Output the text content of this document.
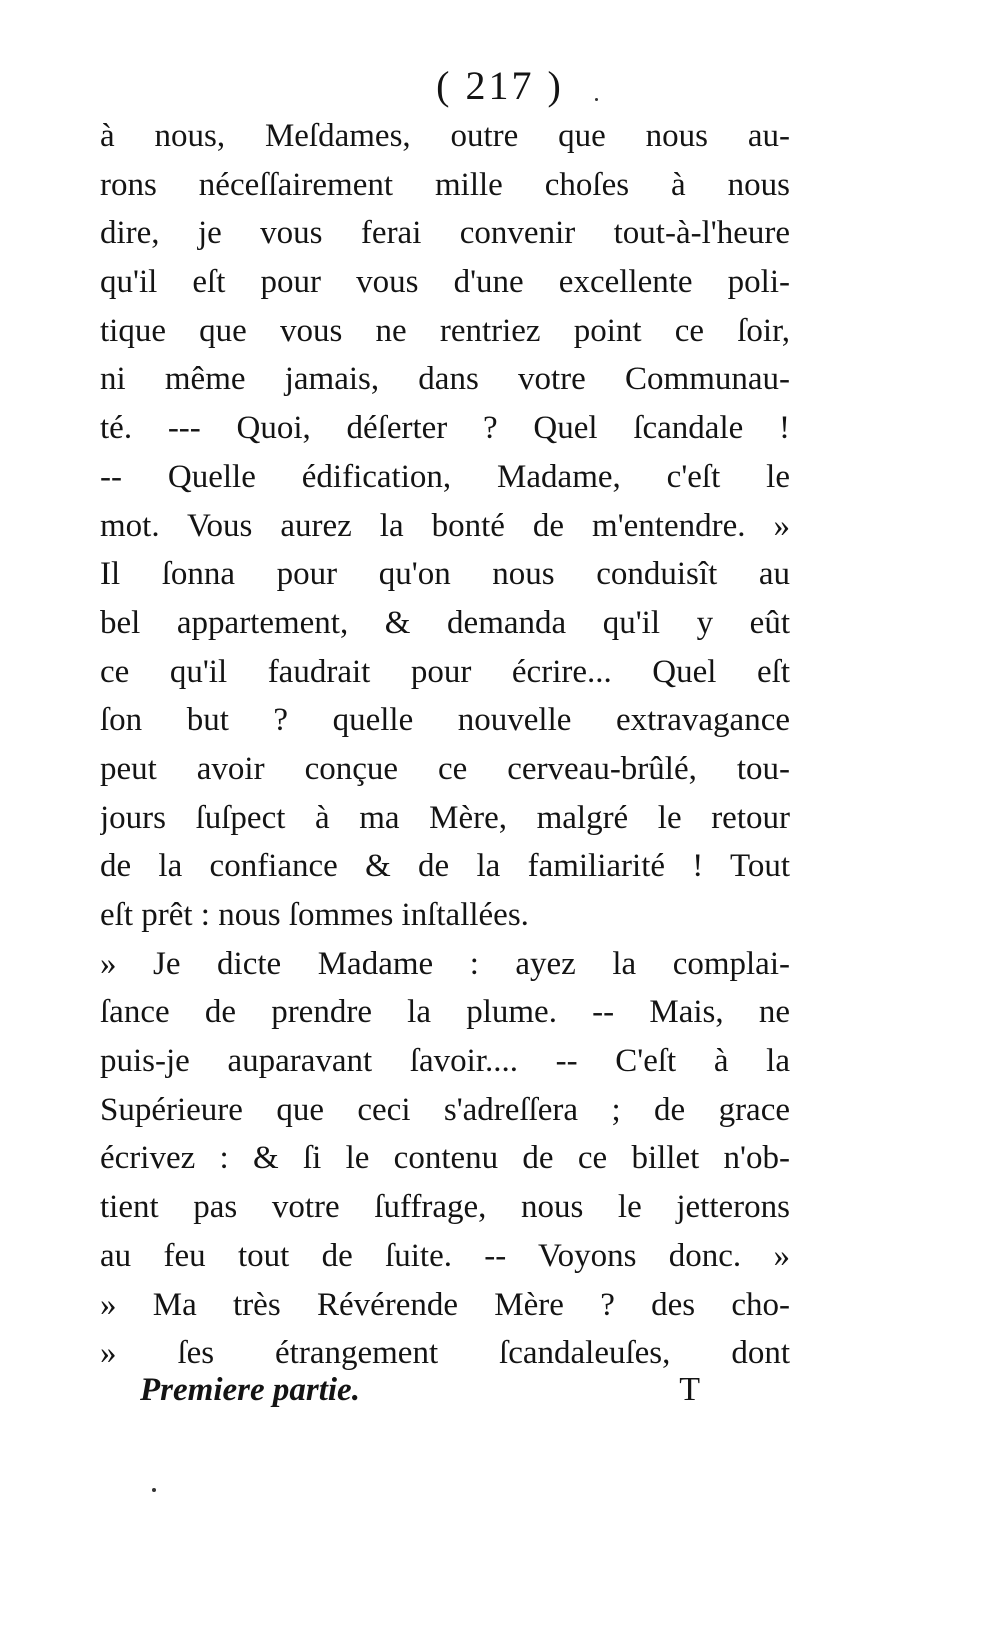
( 217 )
à nous, Meſdames, outre que nous au-
rons néceſſairement mille choſes à nous
dire, je vous ferai convenir tout-à-l'heure
qu'il eſt pour vous d'une excellente poli-
tique que vous ne rentriez point ce ſoir,
ni même jamais, dans votre Communau-
té. --- Quoi, déſerter ? Quel ſcandale !
-- Quelle édification, Madame, c'eſt le
mot. Vous aurez la bonté de m'entendre. »
Il ſonna pour qu'on nous conduisît au
bel appartement, & demanda qu'il y eût
ce qu'il faudrait pour écrire... Quel eſt
ſon but ? quelle nouvelle extravagance
peut avoir conçue ce cerveau-brûlé, tou-
jours ſuſpect à ma Mère, malgré le retour
de la confiance & de la familiarité ! Tout
eſt prêt : nous ſommes inſtallées.
» Je dicte Madame : ayez la complai-
ſance de prendre la plume. -- Mais, ne
puis-je auparavant ſavoir.... -- C'eſt à la
Supérieure que ceci s'adreſſera ; de grace
écrivez : & ſi le contenu de ce billet n'ob-
tient pas votre ſuffrage, nous le jetterons
au feu tout de ſuite. -- Voyons donc. »
» Ma très Révérende Mère ? des cho-
» ſes étrangement ſcandaleuſes, dont
Premiere partie.	T
